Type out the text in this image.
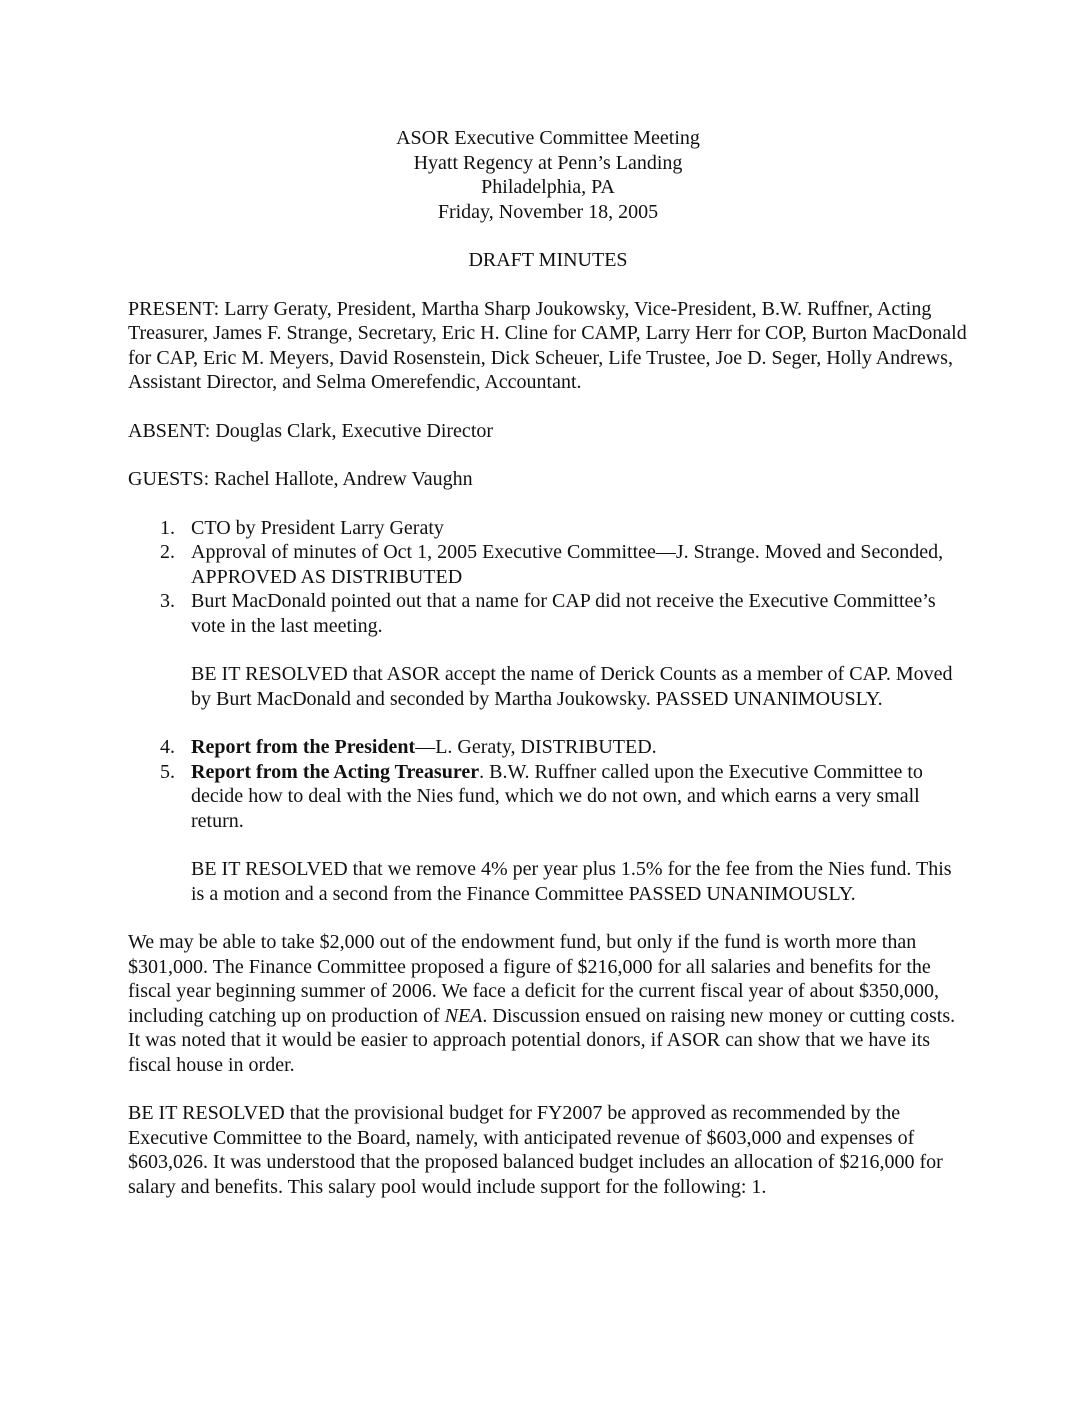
ASOR Executive Committee Meeting
Hyatt Regency at Penn’s Landing
Philadelphia, PA
Friday, November 18, 2005
DRAFT MINUTES

PRESENT: Larry Geraty, President, Martha Sharp Joukowsky, Vice-President, B.W. Ruffner, Acting Treasurer, James F. Strange, Secretary, Eric H. Cline for CAMP, Larry Herr for COP, Burton MacDonald for CAP, Eric M. Meyers, David Rosenstein, Dick Scheuer, Life Trustee, Joe D. Seger, Holly Andrews, Assistant Director, and Selma Omerefendic, Accountant.

ABSENT: Douglas Clark, Executive Director

GUESTS: Rachel Hallote, Andrew Vaughn

1. CTO by President Larry Geraty
2. Approval of minutes of Oct 1, 2005 Executive Committee—J. Strange. Moved and Seconded, APPROVED AS DISTRIBUTED
3. Burt MacDonald pointed out that a name for CAP did not receive the Executive Committee’s vote in the last meeting.

BE IT RESOLVED that ASOR accept the name of Derick Counts as a member of CAP. Moved by Burt MacDonald and seconded by Martha Joukowsky. PASSED UNANIMOUSLY.

4. Report from the President—L. Geraty, DISTRIBUTED.
5. Report from the Acting Treasurer. B.W. Ruffner called upon the Executive Committee to decide how to deal with the Nies fund, which we do not own, and which earns a very small return.

BE IT RESOLVED that we remove 4% per year plus 1.5% for the fee from the Nies fund. This is a motion and a second from the Finance Committee PASSED UNANIMOUSLY.

We may be able to take $2,000 out of the endowment fund, but only if the fund is worth more than $301,000. The Finance Committee proposed a figure of $216,000 for all salaries and benefits for the fiscal year beginning summer of 2006. We face a deficit for the current fiscal year of about $350,000, including catching up on production of NEA. Discussion ensued on raising new money or cutting costs. It was noted that it would be easier to approach potential donors, if ASOR can show that we have its fiscal house in order.

BE IT RESOLVED that the provisional budget for FY2007 be approved as recommended by the Executive Committee to the Board, namely, with anticipated revenue of $603,000 and expenses of $603,026. It was understood that the proposed balanced budget includes an allocation of $216,000 for salary and benefits. This salary pool would include support for the following: 1.
